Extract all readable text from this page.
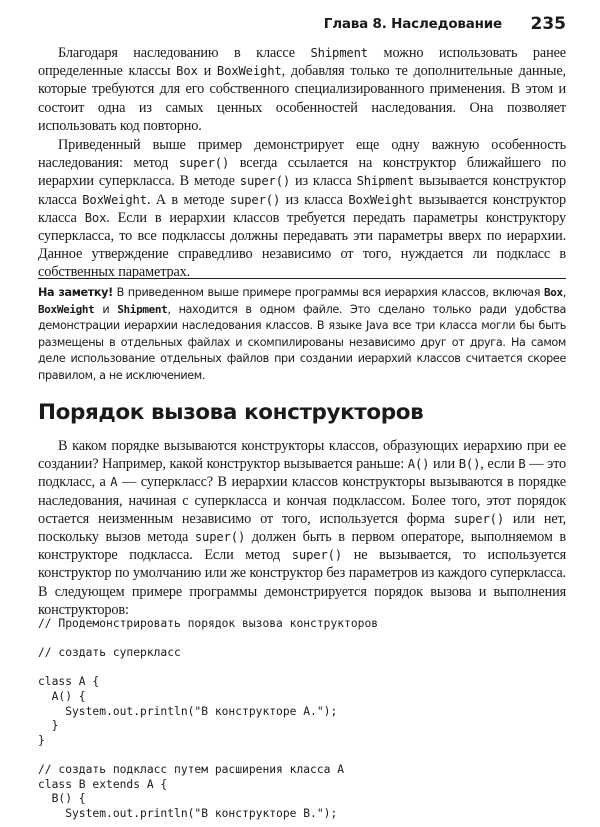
Глава 8. Наследование 235

Благодаря наследованию в классе Shipment можно использовать ранее определенные классы Box и BoxWeight, добавляя только те дополнительные данные, которые требуются для его собственного специализированного применения. В этом и состоит одна из самых ценных особенностей наследования. Она позволяет использовать код повторно.

Приведенный выше пример демонстрирует еще одну важную особенность наследования: метод super() всегда ссылается на конструктор ближайшего по иерархии суперкласса. В методе super() из класса Shipment вызывается конструктор класса BoxWeight. А в методе super() из класса BoxWeight вызывается конструктор класса Box. Если в иерархии классов требуется передать параметры конструктору суперкласса, то все подклассы должны передавать эти параметры вверх по иерархии. Данное утверждение справедливо независимо от того, нуждается ли подкласс в собственных параметрах.

На заметку! В приведенном выше примере программы вся иерархия классов, включая Box, BoxWeight и Shipment, находится в одном файле. Это сделано только ради удобства демонстрации иерархии наследования классов. В языке Java все три класса могли бы быть размещены в отдельных файлах и скомпилированы независимо друг от друга. На самом деле использование отдельных файлов при создании иерархий классов считается скорее правилом, а не исключением.
Порядок вызова конструкторов

В каком порядке вызываются конструкторы классов, образующих иерархию при ее создании? Например, какой конструктор вызывается раньше: A() или B(), если B — это подкласс, а A — суперкласс? В иерархии классов конструкторы вызываются в порядке наследования, начиная с суперкласса и кончая подклассом. Более того, этот порядок остается неизменным независимо от того, используется форма super() или нет, поскольку вызов метода super() должен быть в первом операторе, выполняемом в конструкторе подкласса. Если метод super() не вызывается, то используется конструктор по умолчанию или же конструктор без параметров из каждого суперкласса. В следующем примере программы демонстрируется порядок вызова и выполнения конструкторов:

// Продемонстрировать порядок вызова конструкторов

// создать суперкласс

class A {
A() {
System.out.println("В конструкторе A.");
}
}

// создать подкласс путем расширения класса A
class B extends A {
B() {
System.out.println("В конструкторе B.");
